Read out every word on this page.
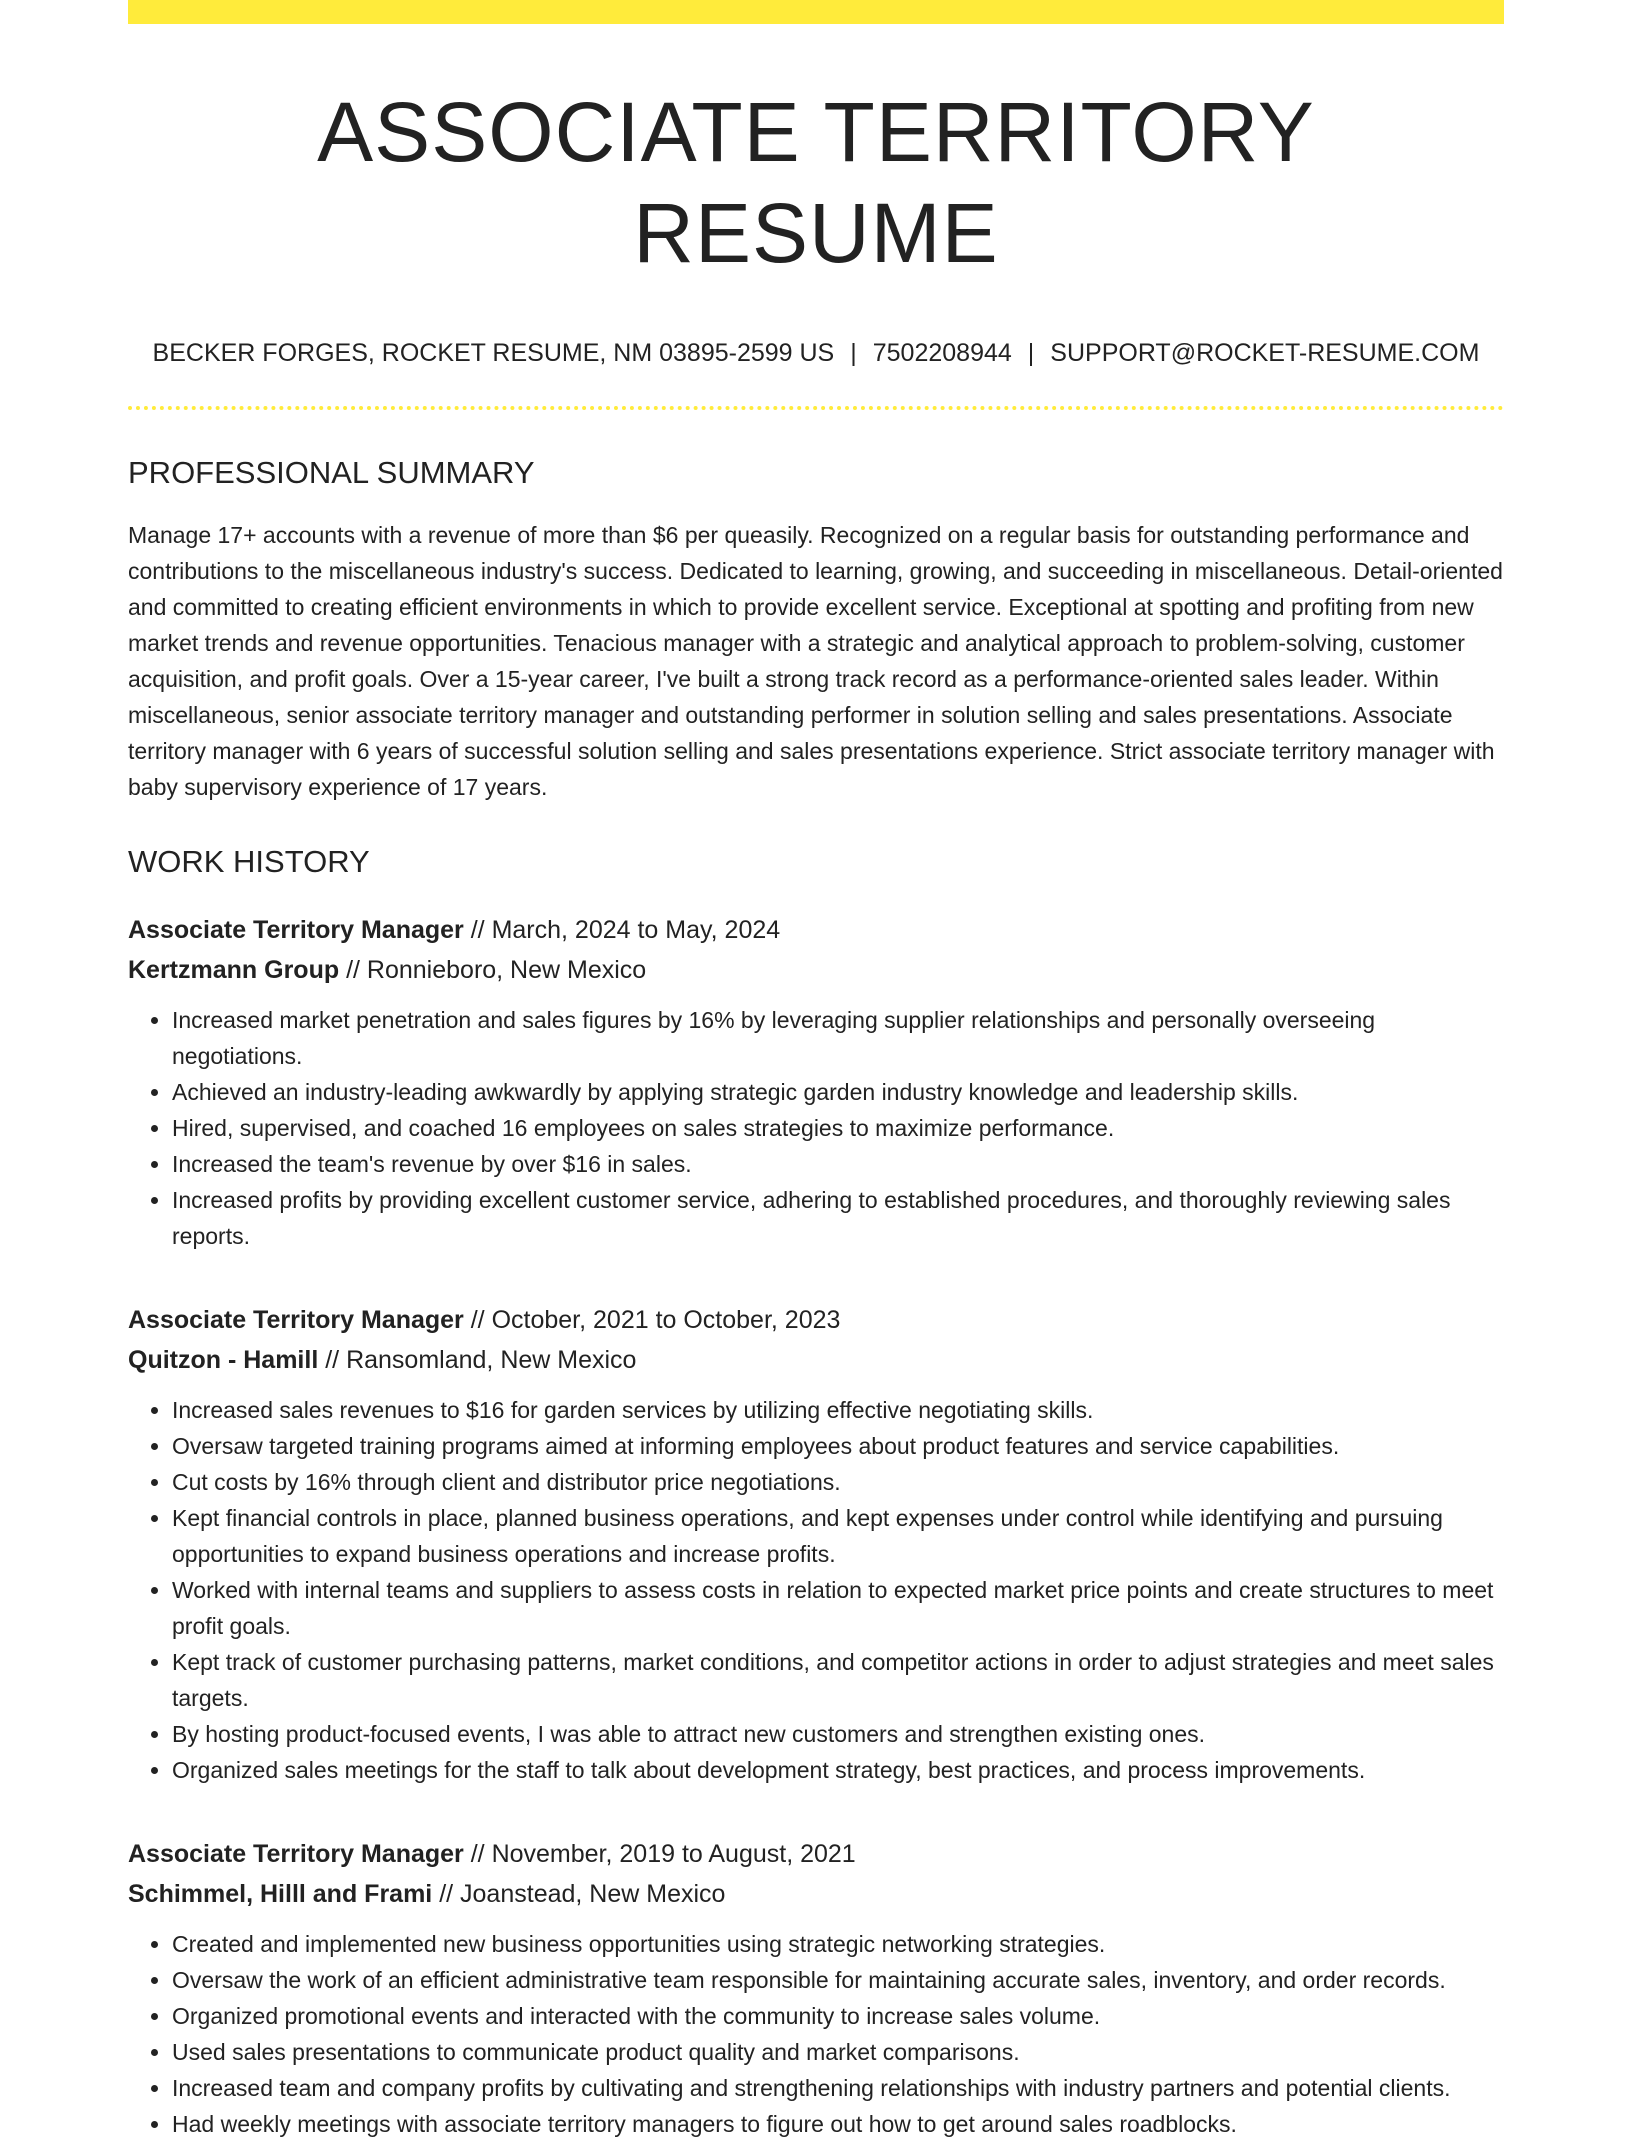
ASSOCIATE TERRITORY RESUME
BECKER FORGES, ROCKET RESUME, NM 03895-2599 US | 7502208944 | SUPPORT@ROCKET-RESUME.COM
PROFESSIONAL SUMMARY

Manage 17+ accounts with a revenue of more than $6 per queasily. Recognized on a regular basis for outstanding performance and contributions to the miscellaneous industry's success. Dedicated to learning, growing, and succeeding in miscellaneous. Detail-oriented and committed to creating efficient environments in which to provide excellent service. Exceptional at spotting and profiting from new market trends and revenue opportunities. Tenacious manager with a strategic and analytical approach to problem-solving, customer acquisition, and profit goals. Over a 15-year career, I've built a strong track record as a performance-oriented sales leader. Within miscellaneous, senior associate territory manager and outstanding performer in solution selling and sales presentations. Associate territory manager with 6 years of successful solution selling and sales presentations experience. Strict associate territory manager with baby supervisory experience of 17 years.

WORK HISTORY
Associate Territory Manager // March, 2024 to May, 2024
Kertzmann Group // Ronnieboro, New Mexico
• Increased market penetration and sales figures by 16% by leveraging supplier relationships and personally overseeing negotiations.
• Achieved an industry-leading awkwardly by applying strategic garden industry knowledge and leadership skills.
• Hired, supervised, and coached 16 employees on sales strategies to maximize performance.
• Increased the team's revenue by over $16 in sales.
• Increased profits by providing excellent customer service, adhering to established procedures, and thoroughly reviewing sales reports.
Associate Territory Manager // October, 2021 to October, 2023
Quitzon - Hamill // Ransomland, New Mexico
• Increased sales revenues to $16 for garden services by utilizing effective negotiating skills.
• Oversaw targeted training programs aimed at informing employees about product features and service capabilities.
• Cut costs by 16% through client and distributor price negotiations.
• Kept financial controls in place, planned business operations, and kept expenses under control while identifying and pursuing opportunities to expand business operations and increase profits.
• Worked with internal teams and suppliers to assess costs in relation to expected market price points and create structures to meet profit goals.
• Kept track of customer purchasing patterns, market conditions, and competitor actions in order to adjust strategies and meet sales targets.
• By hosting product-focused events, I was able to attract new customers and strengthen existing ones.
• Organized sales meetings for the staff to talk about development strategy, best practices, and process improvements.
Associate Territory Manager // November, 2019 to August, 2021
Schimmel, Hilll and Frami // Joanstead, New Mexico
• Created and implemented new business opportunities using strategic networking strategies.
• Oversaw the work of an efficient administrative team responsible for maintaining accurate sales, inventory, and order records.
• Organized promotional events and interacted with the community to increase sales volume.
• Used sales presentations to communicate product quality and market comparisons.
• Increased team and company profits by cultivating and strengthening relationships with industry partners and potential clients.
• Had weekly meetings with associate territory managers to figure out how to get around sales roadblocks.
